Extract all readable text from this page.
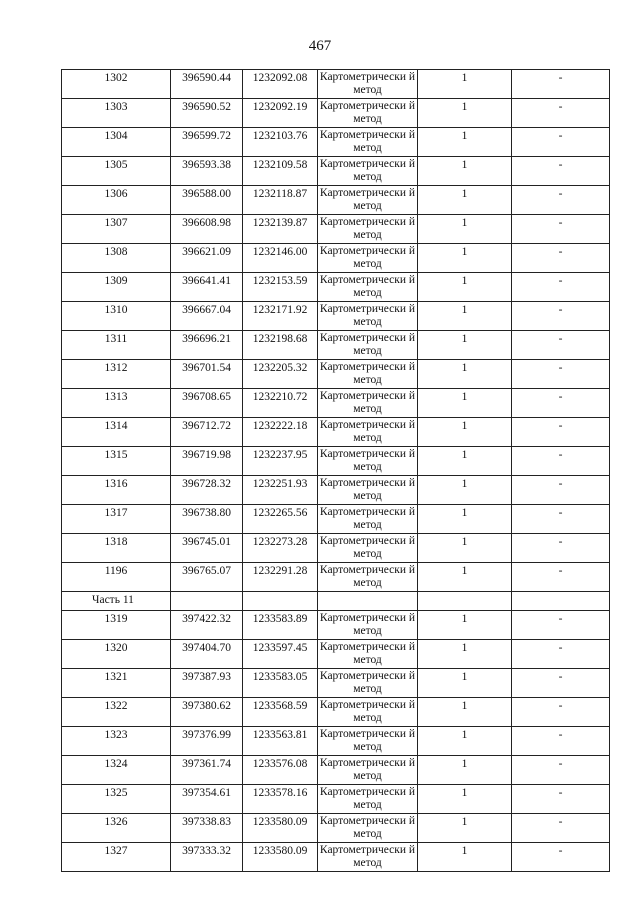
467
1302	396590.44	1232092.08	Картометрически й метод	1	-
1303	396590.52	1232092.19	Картометрически й метод	1	-
1304	396599.72	1232103.76	Картометрически й метод	1	-
1305	396593.38	1232109.58	Картометрически й метод	1	-
1306	396588.00	1232118.87	Картометрически й метод	1	-
1307	396608.98	1232139.87	Картометрически й метод	1	-
1308	396621.09	1232146.00	Картометрически й метод	1	-
1309	396641.41	1232153.59	Картометрически й метод	1	-
1310	396667.04	1232171.92	Картометрически й метод	1	-
1311	396696.21	1232198.68	Картометрически й метод	1	-
1312	396701.54	1232205.32	Картометрически й метод	1	-
1313	396708.65	1232210.72	Картометрически й метод	1	-
1314	396712.72	1232222.18	Картометрически й метод	1	-
1315	396719.98	1232237.95	Картометрически й метод	1	-
1316	396728.32	1232251.93	Картометрически й метод	1	-
1317	396738.80	1232265.56	Картометрически й метод	1	-
1318	396745.01	1232273.28	Картометрически й метод	1	-
1196	396765.07	1232291.28	Картометрически й метод	1	-
Часть 11					
1319	397422.32	1233583.89	Картометрически й метод	1	-
1320	397404.70	1233597.45	Картометрически й метод	1	-
1321	397387.93	1233583.05	Картометрически й метод	1	-
1322	397380.62	1233568.59	Картометрически й метод	1	-
1323	397376.99	1233563.81	Картометрически й метод	1	-
1324	397361.74	1233576.08	Картометрически й метод	1	-
1325	397354.61	1233578.16	Картометрически й метод	1	-
1326	397338.83	1233580.09	Картометрически й метод	1	-
1327	397333.32	1233580.09	Картометрически й метод	1	-
